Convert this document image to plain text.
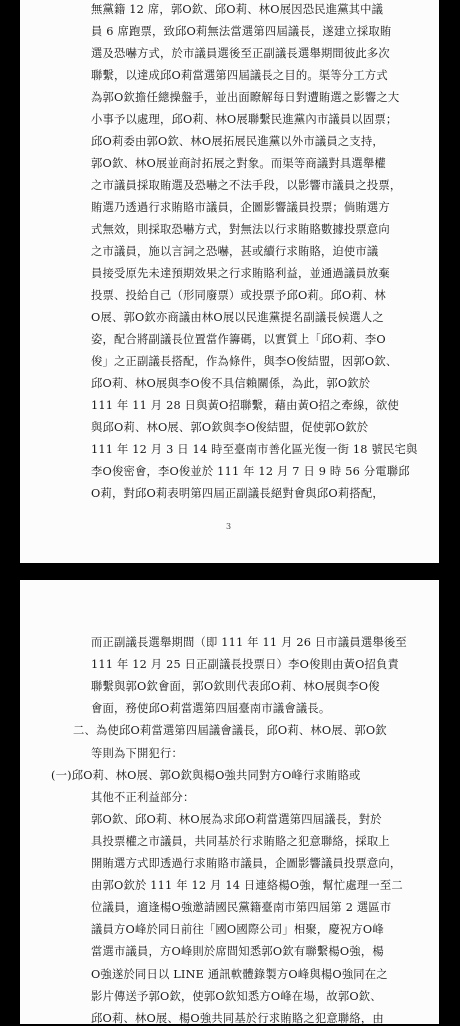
無黨籍 12 席，郭O欽、邱O莉、林O展因恐民進黨其中議
員 6 席跑票，致邱O莉無法當選第四屆議長，遂建立採取賄
選及恐嚇方式，於市議員選後至正副議長選舉期間彼此多次
聯繫，以達成邱O莉當選第四屆議長之目的。渠等分工方式
為郭O欽擔任總操盤手，並出面瞭解每日對遭賄選之影響之大
小事予以處理，邱O莉、林O展聯繫民進黨內市議員以固票；
邱O莉委由郭O欽、林O展拓展民進黨以外市議員之支持，
郭O欽、林O展並商討拓展之對象。而渠等商議對具選舉權
之市議員採取賄選及恐嚇之不法手段，以影響市議員之投票，
賄選乃透過行求賄賂市議員，企圖影響議員投票；倘賄選方
式無效，則採取恐嚇方式，對無法以行求賄賂數據投票意向
之市議員，施以言詞之恐嚇，甚或續行求賄賂，迫使市議
員接受原先未達預期效果之行求賄賂利益，並通過議員放棄
投票、投給自己（形同廢票）或投票予邱O莉。邱O莉、林
O展、郭O欽亦商議由林O展以民進黨提名副議長候選人之
姿，配合將副議長位置當作籌碼，以實質上「邱O莉、李O
俊」之正副議長搭配，作為條件，與李O俊結盟，因郭O欽、
邱O莉、林O展與李O俊不具信賴關係，為此，郭O欽於
111 年 11 月 28 日與黃O招聯繫，藉由黃O招之牽線，欲使
與邱O莉、林O展、郭O欽與李O俊結盟，促使郭O欽於
111 年 12 月 3 日 14 時至臺南市善化區光復一街 18 號民宅與
李O俊密會，李O俊並於 111 年 12 月 7 日 9 時 56 分電聯邱
O莉，對邱O莉表明第四屆正副議長絕對會與邱O莉搭配，
3
而正副議長選舉期間（即 111 年 11 月 26 日市議員選舉後至
111 年 12 月 25 日正副議長投票日）李O俊則由黃O招負責
聯繫與郭O欽會面，郭O欽則代表邱O莉、林O展與李O俊
會面，務使邱O莉當選第四屆臺南市議會議長。
二、為使邱O莉當選第四屆議會議長，邱O莉、林O展、郭O欽
等則為下開犯行：
(一)邱O莉、林O展、郭O欽與楊O強共同對方O峰行求賄賂或
其他不正利益部分：
郭O欽、邱O莉、林O展為求邱O莉當選第四屆議長，對於
具投票權之市議員，共同基於行求賄賂之犯意聯絡，採取上
開賄選方式即透過行求賄賂市議員，企圖影響議員投票意向，
由郭O欽於 111 年 12 月 14 日連絡楊O強，幫忙處理一至二
位議員，適逢楊O強邀請國民黨籍臺南市第四屆第 2 選區市
議員方O峰於同日前往「國O國際公司」相聚，慶祝方O峰
當選市議員，方O峰則於席間知悉郭O欽有聯繫楊O強，楊
O強遂於同日以 LINE 通訊軟體錄製方O峰與楊O強同在之
影片傳送予郭O欽，使郭O欽知悉方O峰在場，故郭O欽、
邱O莉、林O展、楊O強共同基於行求賄賂之犯意聯絡，由
